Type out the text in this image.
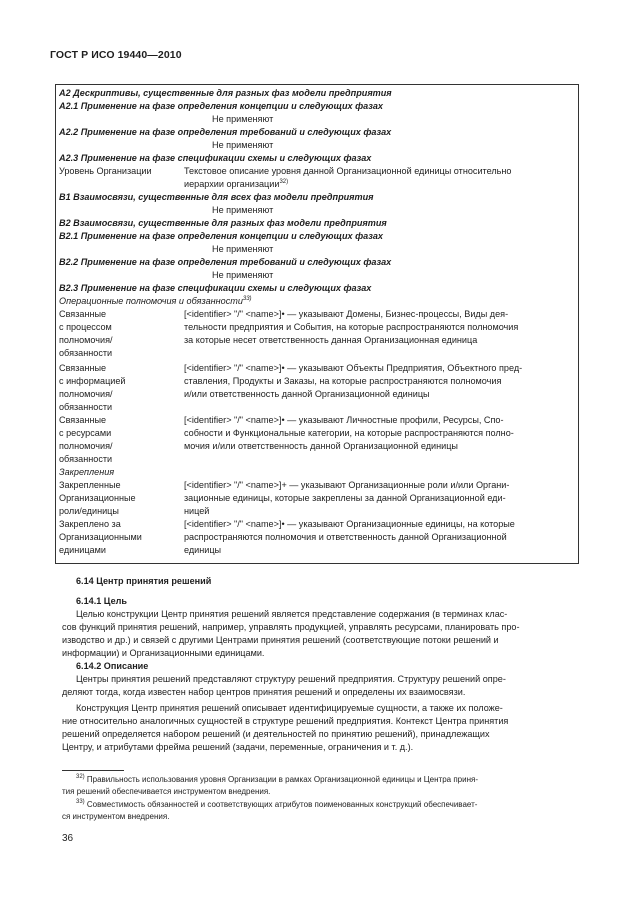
ГОСТ Р ИСО 19440—2010
А2 Дескриптивы, существенные для разных фаз модели предприятия
А2.1 Применение на фазе определения концепции и следующих фазах
Не применяют
А2.2 Применение на фазе определения требований и следующих фазах
Не применяют
А2.3 Применение на фазе спецификации схемы и следующих фазах
Уровень Организации	Текстовое описание уровня данной Организационной единицы относительно
иерархии организации$^{32)}$
В1 Взаимосвязи, существенные для всех фаз модели предприятия
Не применяют
В2 Взаимосвязи, существенные для разных фаз модели предприятия
В2.1 Применение на фазе определения концепции и следующих фазах
Не применяют
В2.2 Применение на фазе определения требований и следующих фазах
Не применяют
В2.3 Применение на фазе спецификации схемы и следующих фазах
Операционные полномочия и обязанности$^{33)}$
Связанные	[<identifier> "/" <name>]• — указывают Домены, Бизнес-процессы, Виды дея-
с процессом	тельности предприятия и События, на которые распространяются полномочия
полномочия/	за которые несет ответственность данная Организационная единица
обязанности
Связанные	[<identifier> "/" <name>]• — указывают Объекты Предприятия, Объектного пред-
с информацией	ставления, Продукты и Заказы, на которые распространяются полномочия
полномочия/	и/или ответственность данной Организационной единицы
обязанности
Связанные	[<identifier> "/" <name>]• — указывают Личностные профили, Ресурсы, Спо-
с ресурсами	собности и Функциональные категории, на которые распространяются полно-
полномочия/	мочия и/или ответственность данной Организационной единицы
обязанности
Закрепления
Закрепленные	[<identifier> "/" <name>]+ — указывают Организационные роли и/или Органи-
Организационные	зационные единицы, которые закреплены за данной Организационной еди-
роли/единицы	ницей
Закреплено за	[<identifier> "/" <name>]• — указывают Организационные единицы, на которые
Организационными	распространяются полномочия и ответственность данной Организационной
единицами	единицы
6.14 Центр принятия решений
6.14.1 Цель
Целью конструкции Центр принятия решений является представление содержания (в терминах клас-
сов функций принятия решений, например, управлять продукцией, управлять ресурсами, планировать про-
изводство и др.) и связей с другими Центрами принятия решений (соответствующие потоки решений и
информации) и Организационными единицами.
6.14.2 Описание
Центры принятия решений представляют структуру решений предприятия. Структуру решений опре-
деляют тогда, когда известен набор центров принятия решений и определены их взаимосвязи.
Конструкция Центр принятия решений описывает идентифицируемые сущности, а также их положе-
ние относительно аналогичных сущностей в структуре решений предприятия. Контекст Центра принятия
решений определяется набором решений (и деятельностей по принятию решений), принадлежащих
Центру, и атрибутами фрейма решений (задачи, переменные, ограничения и т. д.).
$^{32)}$ Правильность использования уровня Организации в рамках Организационной единицы и Центра приня-
тия решений обеспечивается инструментом внедрения.
$^{33)}$ Совместимость обязанностей и соответствующих атрибутов поименованных конструкций обеспечивает-
ся инструментом внедрения.
36
